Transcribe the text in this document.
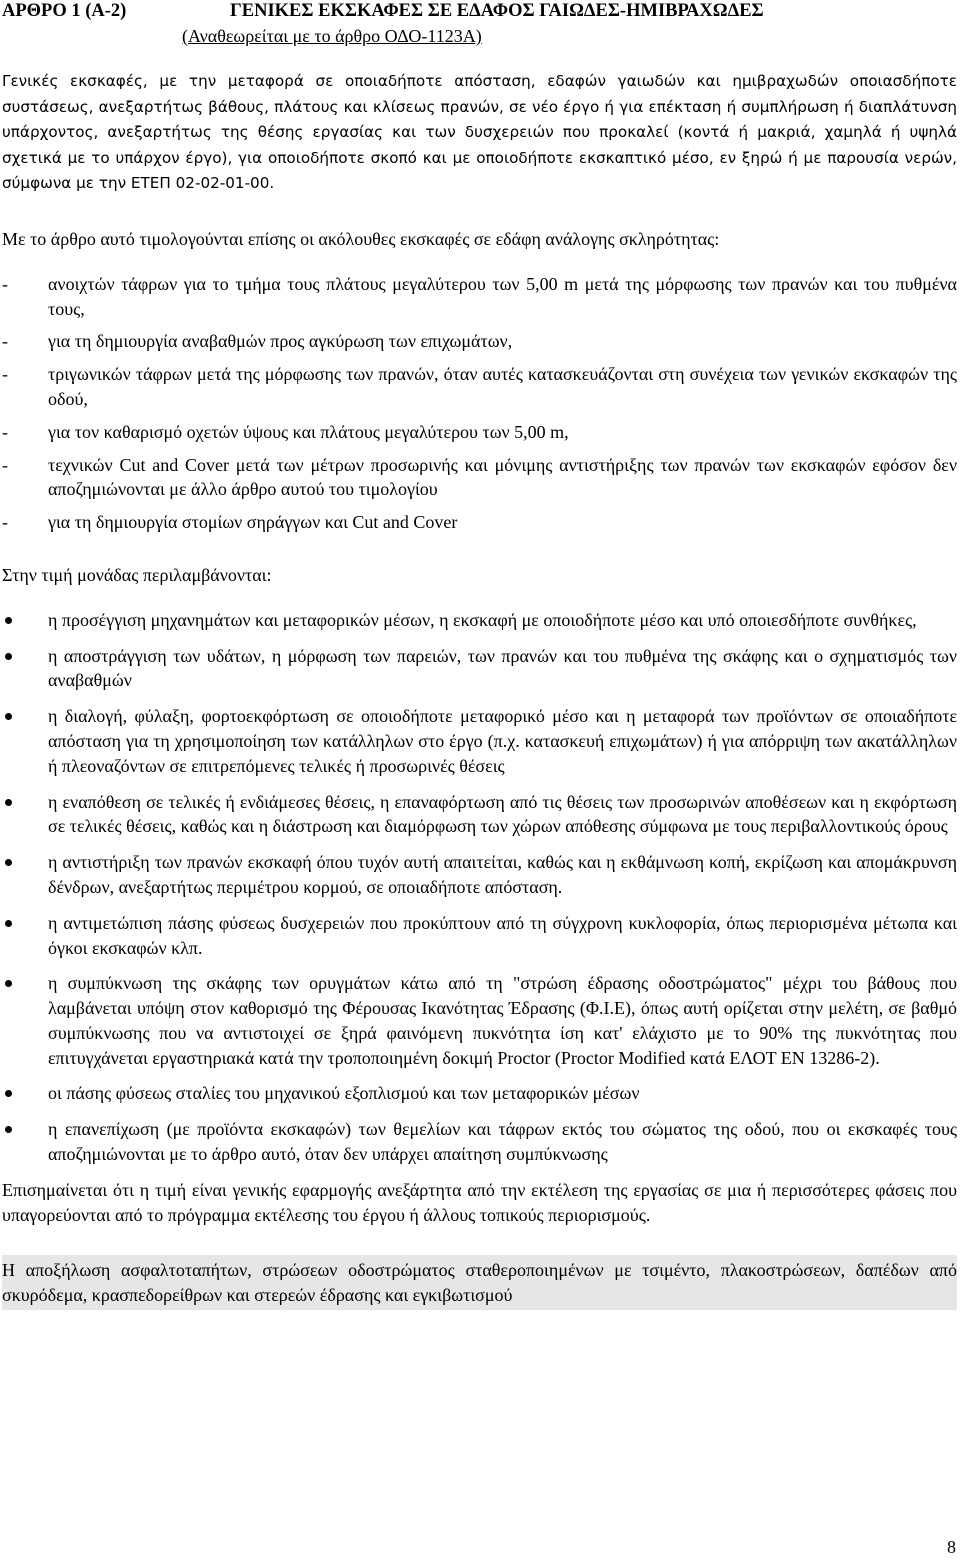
ΑΡΘΡΟ 1 (Α-2)	ΓΕΝΙΚΕΣ ΕΚΣΚΑΦΕΣ ΣΕ ΕΔΑΦΟΣ ΓΑΙΩΔΕΣ-ΗΜΙΒΡΑΧΩΔΕΣ
(Αναθεωρείται με το άρθρο ΟΔΟ-1123Α)

Γενικές εκσκαφές, με την μεταφορά σε οποιαδήποτε απόσταση, εδαφών γαιωδών και ημιβραχωδών οποιασδήποτε συστάσεως, ανεξαρτήτως βάθους, πλάτους και κλίσεως πρανών, σε νέο έργο ή για επέκταση ή συμπλήρωση ή διαπλάτυνση υπάρχοντος, ανεξαρτήτως της θέσης εργασίας και των δυσχερειών που προκαλεί (κοντά ή μακριά, χαμηλά ή υψηλά σχετικά με το υπάρχον έργο), για οποιοδήποτε σκοπό και με οποιοδήποτε εκσκαπτικό μέσο, εν ξηρώ ή με παρουσία νερών, σύμφωνα με την ΕΤΕΠ 02-02-01-00.

Με το άρθρο αυτό τιμολογούνται επίσης οι ακόλουθες εκσκαφές σε εδάφη ανάλογης σκληρότητας:

- ανοιχτών τάφρων για το τμήμα τους πλάτους μεγαλύτερου των 5,00 m μετά της μόρφωσης των πρανών και του πυθμένα τους,
- για τη δημιουργία αναβαθμών προς αγκύρωση των επιχωμάτων,
- τριγωνικών τάφρων μετά της μόρφωσης των πρανών, όταν αυτές κατασκευάζονται στη συνέχεια των γενικών εκσκαφών της οδού,
- για τον καθαρισμό οχετών ύψους και πλάτους μεγαλύτερου των 5,00 m,
- τεχνικών Cut and Cover μετά των μέτρων προσωρινής και μόνιμης αντιστήριξης των πρανών των εκσκαφών εφόσον δεν αποζημιώνονται με άλλο άρθρο αυτού του τιμολογίου
- για τη δημιουργία στομίων σηράγγων και Cut and Cover

Στην τιμή μονάδας περιλαμβάνονται:

η προσέγγιση μηχανημάτων και μεταφορικών μέσων, η εκσκαφή με οποιοδήποτε μέσο και υπό οποιεσδήποτε συνθήκες,
η αποστράγγιση των υδάτων, η μόρφωση των παρειών, των πρανών και του πυθμένα της σκάφης και ο σχηματισμός των αναβαθμών
η διαλογή, φύλαξη, φορτοεκφόρτωση σε οποιοδήποτε μεταφορικό μέσο και η μεταφορά των προϊόντων σε οποιαδήποτε απόσταση για τη χρησιμοποίηση των κατάλληλων στο έργο (π.χ. κατασκευή επιχωμάτων) ή για απόρριψη των ακατάλληλων ή πλεοναζόντων σε επιτρεπόμενες τελικές ή προσωρινές θέσεις
η εναπόθεση σε τελικές ή ενδιάμεσες θέσεις, η επαναφόρτωση από τις θέσεις των προσωρινών αποθέσεων και η εκφόρτωση σε τελικές θέσεις, καθώς και η διάστρωση και διαμόρφωση των χώρων απόθεσης σύμφωνα με τους περιβαλλοντικούς όρους
η αντιστήριξη των πρανών εκσκαφή όπου τυχόν αυτή απαιτείται, καθώς και η εκθάμνωση κοπή, εκρίζωση και απομάκρυνση δένδρων, ανεξαρτήτως περιμέτρου κορμού, σε οποιαδήποτε απόσταση.
η αντιμετώπιση πάσης φύσεως δυσχερειών που προκύπτουν από τη σύγχρονη κυκλοφορία, όπως περιορισμένα μέτωπα και όγκοι εκσκαφών κλπ.
η συμπύκνωση της σκάφης των ορυγμάτων κάτω από τη "στρώση έδρασης οδοστρώματος" μέχρι του βάθους που λαμβάνεται υπόψη στον καθορισμό της Φέρουσας Ικανότητας Έδρασης (Φ.Ι.Ε), όπως αυτή ορίζεται στην μελέτη, σε βαθμό συμπύκνωσης που να αντιστοιχεί σε ξηρά φαινόμενη πυκνότητα ίση κατ' ελάχιστο με το 90% της πυκνότητας που επιτυγχάνεται εργαστηριακά κατά την τροποποιημένη δοκιμή Proctor (Proctor Modified κατά ΕΛΟΤ ΕΝ 13286-2).
οι πάσης φύσεως σταλίες του μηχανικού εξοπλισμού και των μεταφορικών μέσων
η επανεπίχωση (με προϊόντα εκσκαφών) των θεμελίων και τάφρων εκτός του σώματος της οδού, που οι εκσκαφές τους αποζημιώνονται με το άρθρο αυτό, όταν δεν υπάρχει απαίτηση συμπύκνωσης

Επισημαίνεται ότι η τιμή είναι γενικής εφαρμογής ανεξάρτητα από την εκτέλεση της εργασίας σε μια ή περισσότερες φάσεις που υπαγορεύονται από το πρόγραμμα εκτέλεσης του έργου ή άλλους τοπικούς περιορισμούς.

Η αποξήλωση ασφαλτοταπήτων, στρώσεων οδοστρώματος σταθεροποιημένων με τσιμέντο, πλακοστρώσεων, δαπέδων από σκυρόδεμα, κρασπεδορείθρων και στερεών έδρασης και εγκιβωτισμού

8
